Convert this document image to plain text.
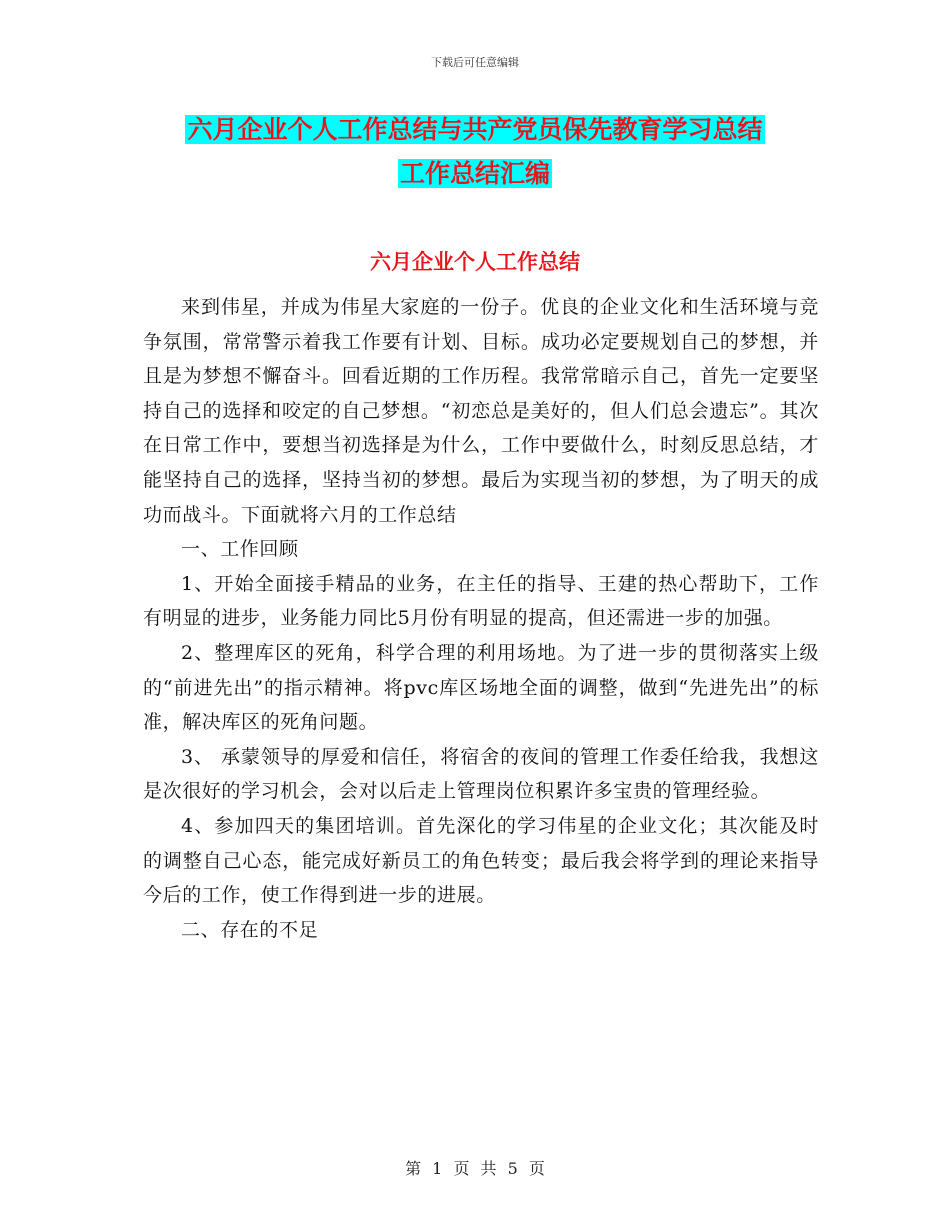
下载后可任意编辑
六月企业个人工作总结与共产党员保先教育学习总结
工作总结汇编
六月企业个人工作总结

来到伟星，并成为伟星大家庭的一份子。优良的企业文化和生活环境与竞争氛围，常常警示着我工作要有计划、目标。成功必定要规划自己的梦想，并且是为梦想不懈奋斗。回看近期的工作历程。我常常暗示自己，首先一定要坚持自己的选择和咬定的自己梦想。“初恋总是美好的，但人们总会遗忘”。其次在日常工作中，要想当初选择是为什么，工作中要做什么，时刻反思总结，才能坚持自己的选择，坚持当初的梦想。最后为实现当初的梦想，为了明天的成功而战斗。下面就将六月的工作总结

一、工作回顾

1、开始全面接手精品的业务，在主任的指导、王建的热心帮助下，工作有明显的进步，业务能力同比5月份有明显的提高，但还需进一步的加强。

2、整理库区的死角，科学合理的利用场地。为了进一步的贯彻落实上级的“前进先出”的指示精神。将pvc库区场地全面的调整，做到“先进先出”的标准，解决库区的死角问题。

3、 承蒙领导的厚爱和信任，将宿舍的夜间的管理工作委任给我，我想这是次很好的学习机会，会对以后走上管理岗位积累许多宝贵的管理经验。

4、参加四天的集团培训。首先深化的学习伟星的企业文化；其次能及时的调整自己心态，能完成好新员工的角色转变；最后我会将学到的理论来指导今后的工作，使工作得到进一步的进展。

二、存在的不足

第 1 页 共 5 页
